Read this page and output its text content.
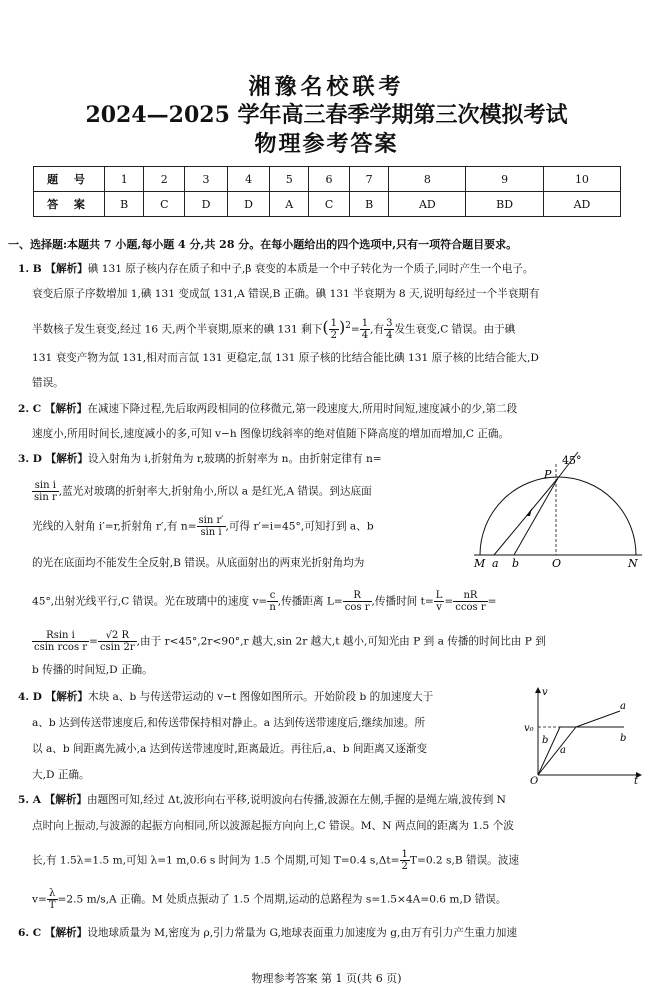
湘豫名校联考
2024—2025 学年高三春季学期第三次模拟考试
物理参考答案
题 号	1	2	3	4	5	6	7	8	9	10
答 案	B	C	D	D	A	C	B	AD	BD	AD
一、选择题:本题共 7 小题,每小题 4 分,共 28 分。在每小题给出的四个选项中,只有一项符合题目要求。
1. B 【解析】碘 131 原子核内存在质子和中子,β 衰变的本质是一个中子转化为一个质子,同时产生一个电子。
衰变后原子序数增加 1,碘 131 变成氙 131,A 错误,B 正确。碘 131 半衰期为 8 天,说明每经过一个半衰期有
半数核子发生衰变,经过 16 天,两个半衰期,原来的碘 131 剩下( $\frac{1}{2} )^2= \frac{1}{4}$ ,有 $\frac{3}{4}$ 发生衰变,C 错误。由于碘
131 衰变产物为氙 131,相对而言氙 131 更稳定,氙 131 原子核的比结合能比碘 131 原子核的比结合能大,D
错误。
2. C 【解析】在减速下降过程,先后取两段相同的位移微元,第一段速度大,所用时间短,速度减小的少,第二段
速度小,所用时间长,速度减小的多,可知 v−h 图像切线斜率的绝对值随下降高度的增加而增加,C 正确。
3. D 【解析】设入射角为 i,折射角为 r,玻璃的折射率为 n。由折射定律有 n=
$\frac{\text{sin i}}{\text{sin r}}$ ,蓝光对玻璃的折射率大,折射角小,所以 a 是红光,A 错误。到达底面
光线的入射角 i′=r,折射角 r′,有 $n= \frac{\text{sin r′}}{\text{sin i}}$ ,可得 r′=i=45°,可知打到 a、b
的光在底面均不能发生全反射,B 错误。从底面射出的两束光折射角均为
45°,出射光线平行,C 错误。光在玻璃中的速度 $v= \frac{c}{n}$ ,传播距离 $L= \frac{R}{\text{cos r}}$ ,传播时间 $t= \frac{L}{v} = \frac{nR}{\text{ccos r}}$ =
$\frac{\text{Rsin i}}{\text{csin rcos r}} = \frac{√2 R}{csin 2r}$ ,由于 r<45°,2r<90°,r 越大,sin 2r 越大,t 越小,可知光由 P 到 a 传播的时间比由 P 到
b 传播的时间短,D 正确。
45°
P
M a b	O	N
4. D 【解析】木块 a、b 与传送带运动的 v−t 图像如图所示。开始阶段 b 的加速度大于
a、b 达到传送带速度后,和传送带保持相对静止。a 达到传送带速度后,继续加速。所
以 a、b 间距离先减小,a 达到传送带速度时,距离最近。再往后,a、b 间距离又逐渐变
大,D 正确。
v
v₀
O	t
a
b
a
b
5. A 【解析】由题图可知,经过 Δt,波形向右平移,说明波向右传播,波源在左侧,手握的是绳左端,波传到 N
点时向上振动,与波源的起振方向相同,所以波源起振方向向上,C 错误。M、N 两点间的距离为 1.5 个波
长,有 1.5λ=1.5 m,可知 λ=1 m,0.6 s 时间为 1.5 个周期,可知 T=0.4 $s,\Delta t= \frac{1}{2} T=0.2$ s,B 错误。波速
$v= \frac{\lambda}{T} =2.5$ m/s,A 正确。M 处质点振动了 1.5 个周期,运动的总路程为 s=1.5×4A=0.6 m,D 错误。
6. C 【解析】设地球质量为 M,密度为 ρ,引力常量为 G,地球表面重力加速度为 g,由万有引力产生重力加速
物理参考答案 第 1 页(共 6 页)
